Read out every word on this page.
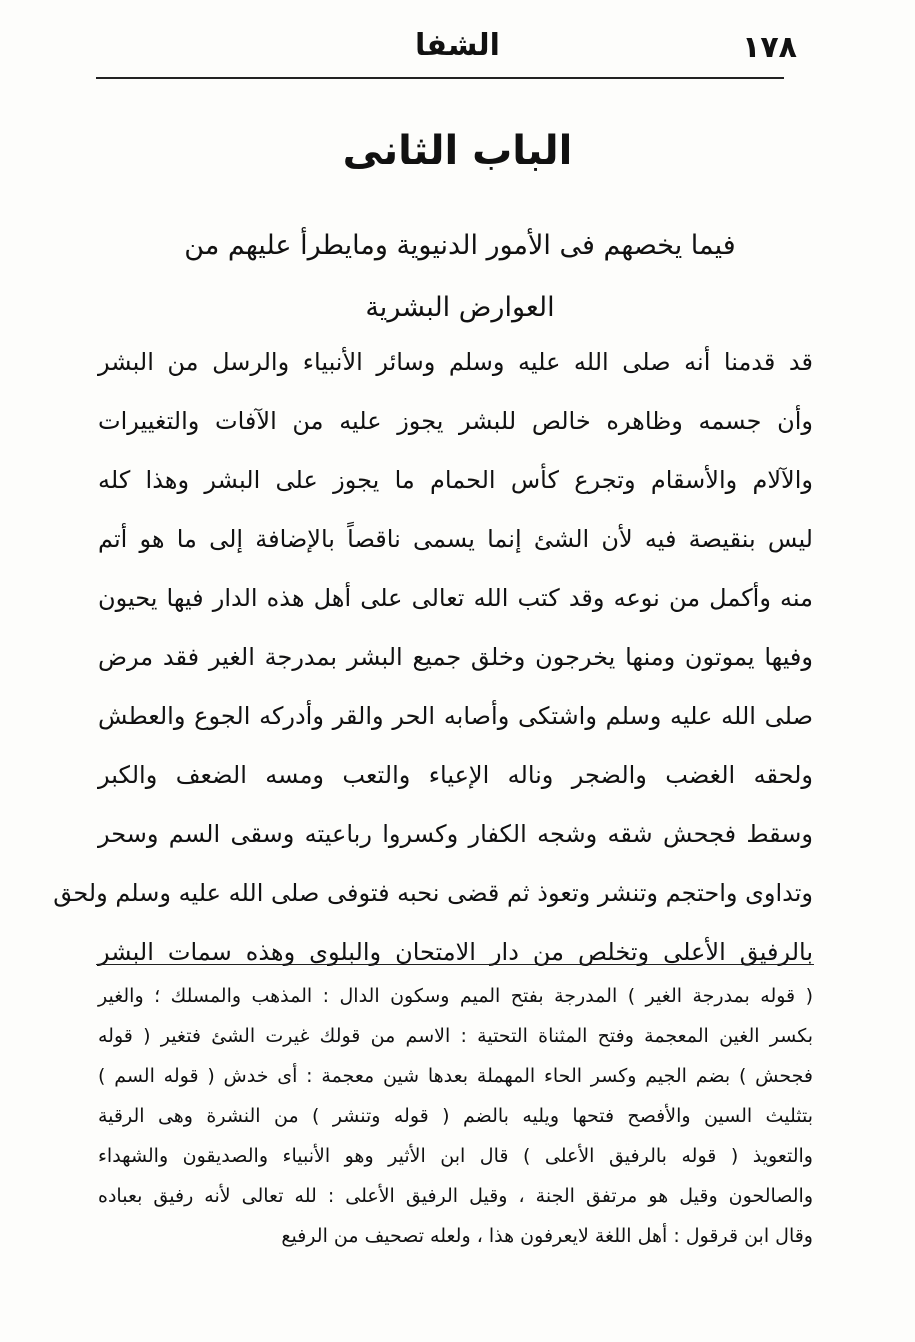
١٧٨
الشفا
الباب الثانى
فيما يخصهم فى الأمور الدنيوية ومايطرأ عليهم من
العوارض البشرية
قد قدمنا أنه صلى الله عليه وسلم وسائر الأنبياء والرسل من البشر
وأن جسمه وظاهره خالص للبشر يجوز عليه من الآفات والتغييرات
والآلام والأسقام وتجرع كأس الحمام ما يجوز على البشر وهذا كله
ليس بنقيصة فيه لأن الشئ إنما يسمى ناقصاً بالإضافة إلى ما هو أتم
منه وأكمل من نوعه وقد كتب الله تعالى على أهل هذه الدار فيها يحيون
وفيها يموتون ومنها يخرجون وخلق جميع البشر بمدرجة الغير فقد مرض
صلى الله عليه وسلم واشتكى وأصابه الحر والقر وأدركه الجوع والعطش
ولحقه الغضب والضجر وناله الإعياء والتعب ومسه الضعف والكبر
وسقط فجحش شقه وشجه الكفار وكسروا رباعيته وسقى السم وسحر
وتداوى واحتجم وتنشر وتعوذ ثم قضى نحبه فتوفى صلى الله عليه وسلم ولحق
بالرفيق الأعلى وتخلص من دار الامتحان والبلوى وهذه سمات البشر
( قوله بمدرجة الغير ) المدرجة بفتح الميم وسكون الدال : المذهب والمسلك ؛ والغير
بكسر الغين المعجمة وفتح المثناة التحتية : الاسم من قولك غيرت الشئ فتغير ( قوله
فجحش ) بضم الجيم وكسر الحاء المهملة بعدها شين معجمة : أى خدش ( قوله السم )
بتثليث السين والأفصح فتحها ويليه بالضم ( قوله وتنشر ) من النشرة وهى الرقية
والتعويذ ( قوله بالرفيق الأعلى ) قال ابن الأثير وهو الأنبياء والصديقون والشهداء
والصالحون وقيل هو مرتفق الجنة ، وقيل الرفيق الأعلى : لله تعالى لأنه رفيق بعباده
وقال ابن قرقول : أهل اللغة لايعرفون هذا ، ولعله تصحيف من الرفيع
